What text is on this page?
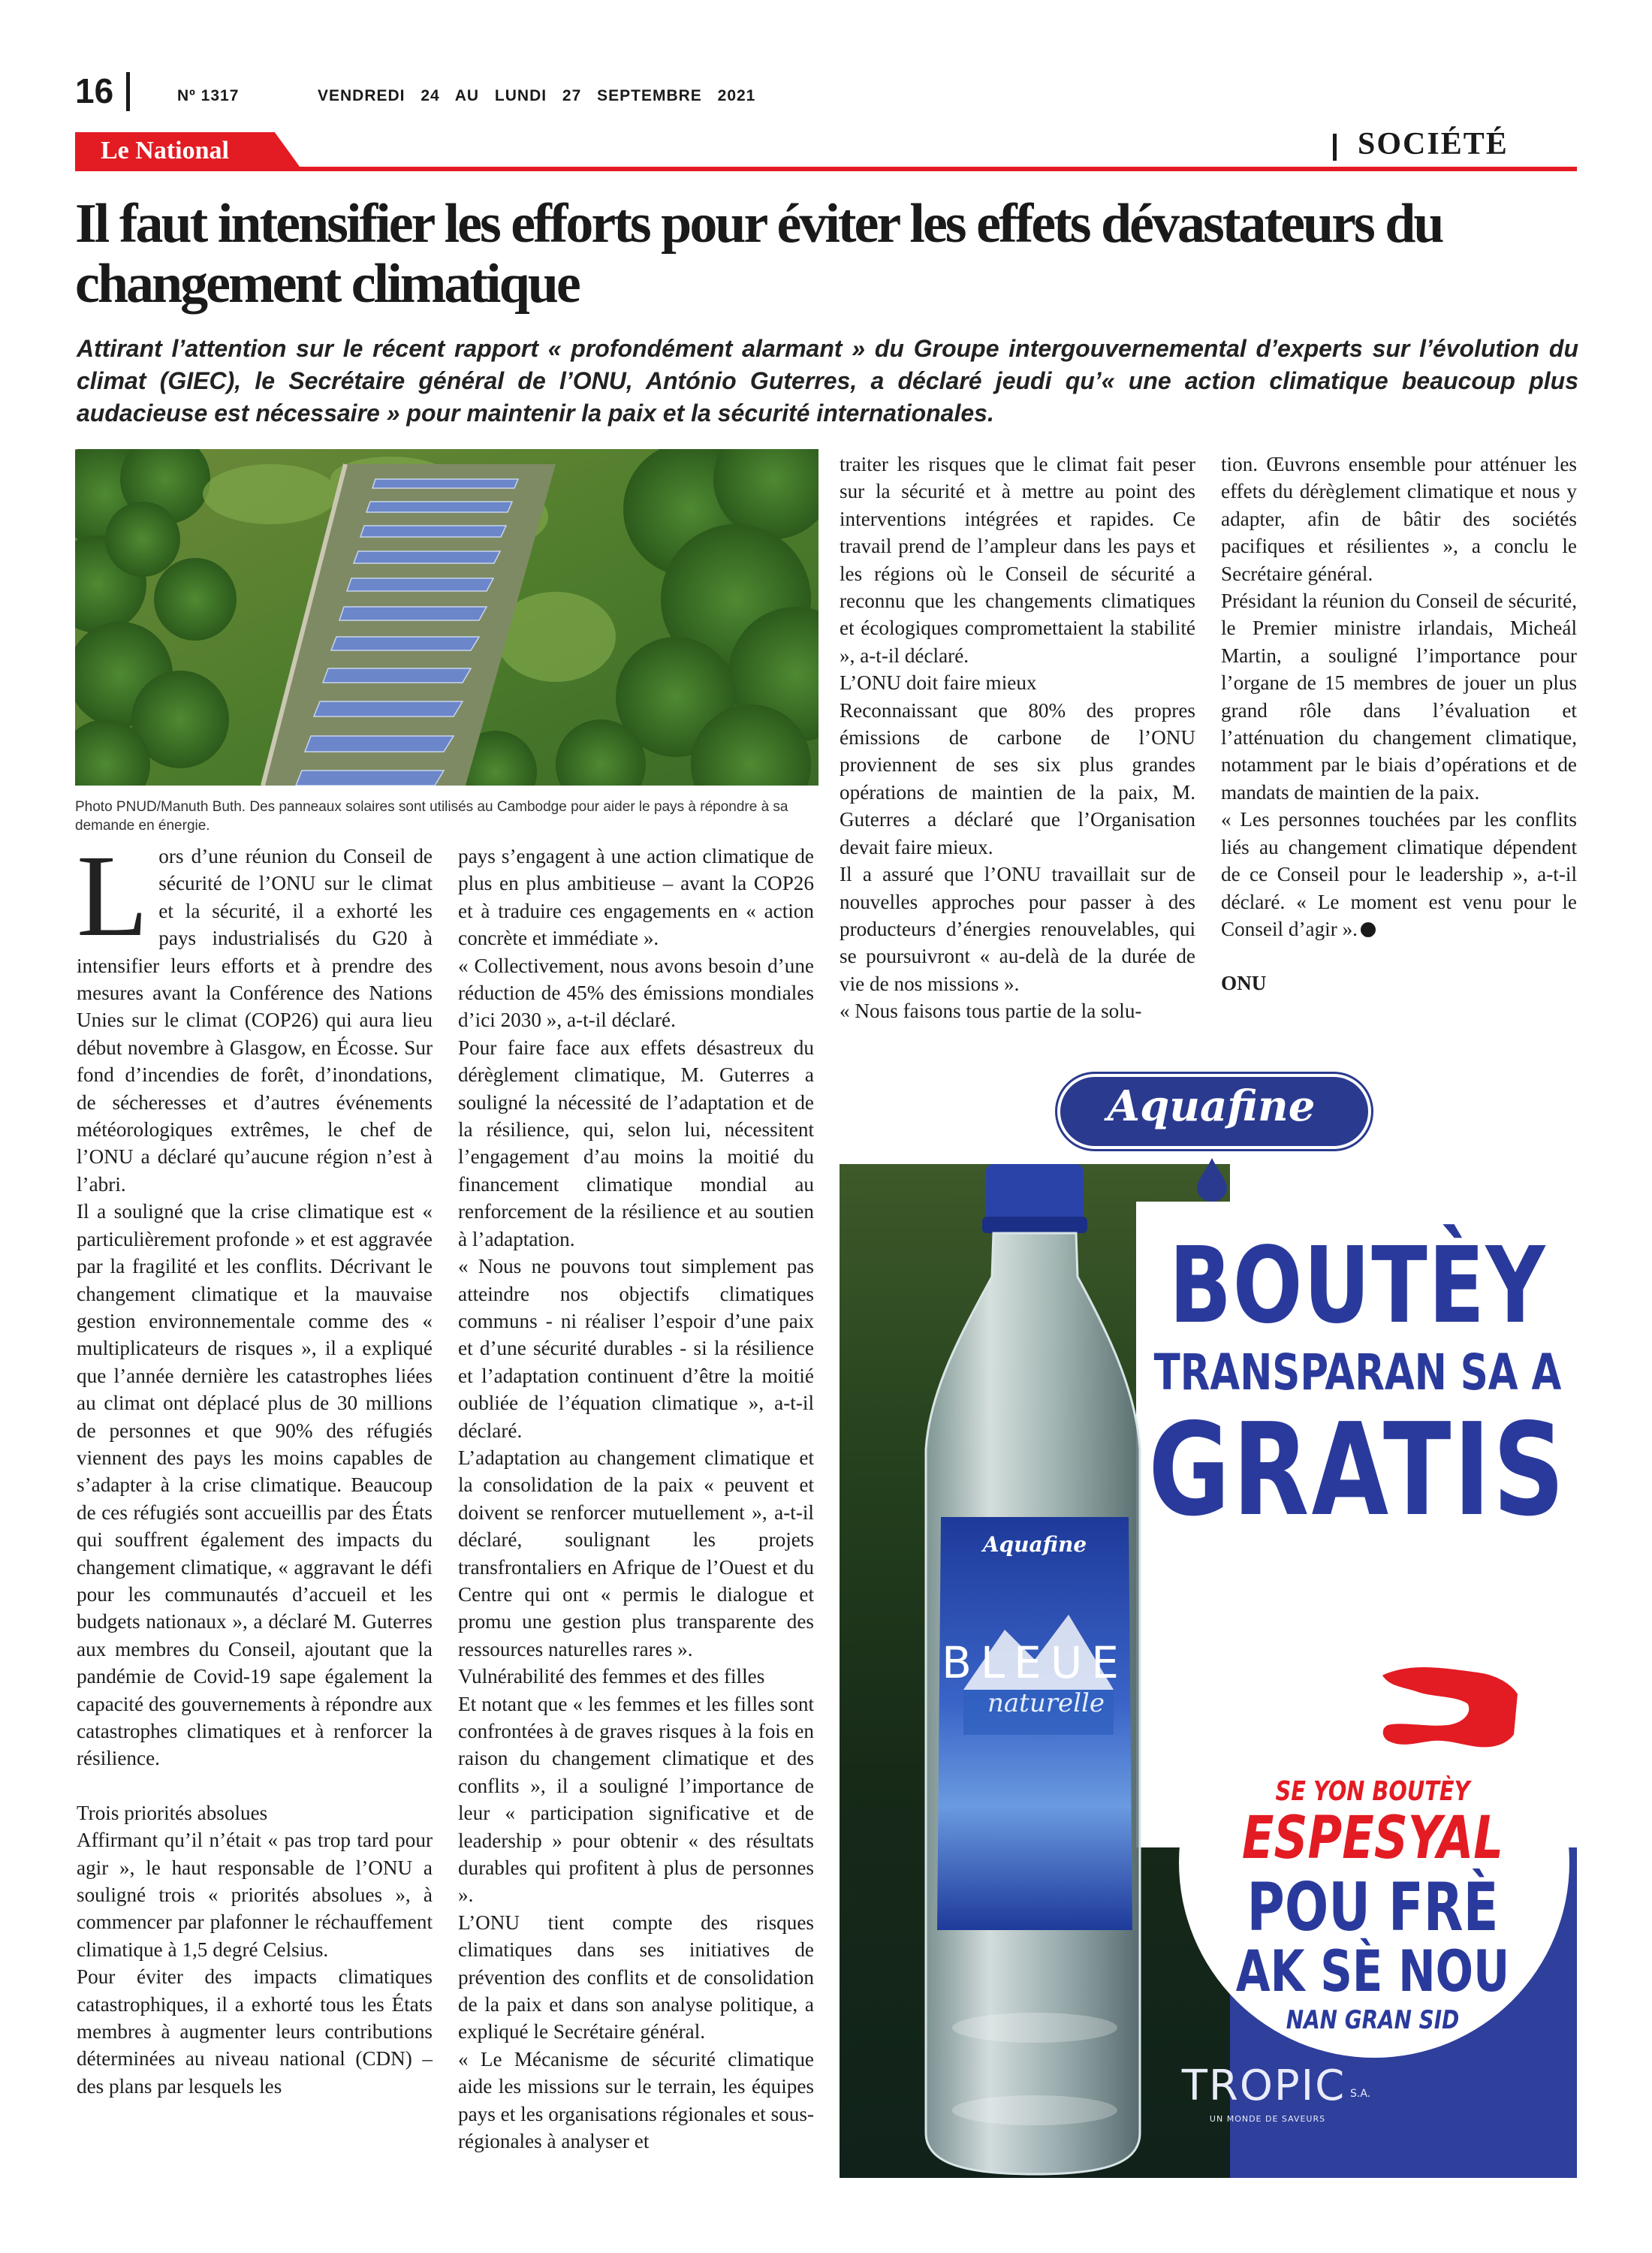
16	Nº 1317	VENDREDI 24 AU LUNDI 27 SEPTEMBRE 2021
Le National	SOCIÉTÉ
Il faut intensifier les efforts pour éviter les effets dévastateurs du changement climatique
Attirant l’attention sur le récent rapport « profondément alarmant » du Groupe intergouvernemental d’experts sur l’évolution du climat (GIEC), le Secrétaire général de l’ONU, António Guterres, a déclaré jeudi qu’« une action climatique beaucoup plus audacieuse est nécessaire » pour maintenir la paix et la sécurité internationales.
Photo PNUD/Manuth Buth. Des panneaux solaires sont utilisés au Cambodge pour aider le pays à répondre à sa demande en énergie.
L ors d’une réunion du Conseil de sécurité de l’ONU sur le climat et la sécurité, il a exhorté les pays industrialisés du G20 à intensifier leurs efforts et à prendre des mesures avant la Conférence des Nations Unies sur le climat (COP26) qui aura lieu début novembre à Glasgow, en Écosse. Sur fond d’incendies de forêt, d’inondations, de sécheresses et d’autres événements météorologiques extrêmes, le chef de l’ONU a déclaré qu’aucune région n’est à l’abri.

Il a souligné que la crise climatique est « particulièrement profonde » et est aggravée par la fragilité et les conflits. Décrivant le changement climatique et la mauvaise gestion environnementale comme des « multiplicateurs de risques », il a expliqué que l’année dernière les catastrophes liées au climat ont déplacé plus de 30 millions de personnes et que 90% des réfugiés viennent des pays les moins capables de s’adapter à la crise climatique. Beaucoup de ces réfugiés sont accueillis par des États qui souffrent également des impacts du changement climatique, « aggravant le défi pour les communautés d’accueil et les budgets nationaux », a déclaré M. Guterres aux membres du Conseil, ajoutant que la pandémie de Covid-19 sape également la capacité des gouvernements à répondre aux catastrophes climatiques et à renforcer la résilience.

Trois priorités absolues

Affirmant qu’il n’était « pas trop tard pour agir », le haut responsable de l’ONU a souligné trois « priorités absolues », à commencer par plafonner le réchauffement climatique à 1,5 degré Celsius.

Pour éviter des impacts climatiques catastrophiques, il a exhorté tous les États membres à augmenter leurs contributions déterminées au niveau national (CDN) – des plans par lesquels les

pays s’engagent à une action climatique de plus en plus ambitieuse – avant la COP26 et à traduire ces engagements en « action concrète et immédiate ».

« Collectivement, nous avons besoin d’une réduction de 45% des émissions mondiales d’ici 2030 », a-t-il déclaré.

Pour faire face aux effets désastreux du dérèglement climatique, M. Guterres a souligné la nécessité de l’adaptation et de la résilience, qui, selon lui, nécessitent l’engagement d’au moins la moitié du financement climatique mondial au renforcement de la résilience et au soutien à l’adaptation.

« Nous ne pouvons tout simplement pas atteindre nos objectifs climatiques communs - ni réaliser l’espoir d’une paix et d’une sécurité durables - si la résilience et l’adaptation continuent d’être la moitié oubliée de l’équation climatique », a-t-il déclaré.

L’adaptation au changement climatique et la consolidation de la paix « peuvent et doivent se renforcer mutuellement », a-t-il déclaré, soulignant les projets transfrontaliers en Afrique de l’Ouest et du Centre qui ont « permis le dialogue et promu une gestion plus transparente des ressources naturelles rares ».

Vulnérabilité des femmes et des filles

Et notant que « les femmes et les filles sont confrontées à de graves risques à la fois en raison du changement climatique et des conflits », il a souligné l’importance de leur « participation significative et de leadership » pour obtenir « des résultats durables qui profitent à plus de personnes ».

L’ONU tient compte des risques climatiques dans ses initiatives de prévention des conflits et de consolidation de la paix et dans son analyse politique, a expliqué le Secrétaire général.

« Le Mécanisme de sécurité climatique aide les missions sur le terrain, les équipes pays et les organisations régionales et sous-régionales à analyser et

traiter les risques que le climat fait peser sur la sécurité et à mettre au point des interventions intégrées et rapides. Ce travail prend de l’ampleur dans les pays et les régions où le Conseil de sécurité a reconnu que les changements climatiques et écologiques compromettaient la stabilité », a-t-il déclaré.

L’ONU doit faire mieux

Reconnaissant que 80% des propres émissions de carbone de l’ONU proviennent de ses six plus grandes opérations de maintien de la paix, M. Guterres a déclaré que l’Organisation devait faire mieux.

Il a assuré que l’ONU travaillait sur de nouvelles approches pour passer à des producteurs d’énergies renouvelables, qui se poursuivront « au-delà de la durée de vie de nos missions ».

« Nous faisons tous partie de la solu-

tion. Œuvrons ensemble pour atténuer les effets du dérèglement climatique et nous y adapter, afin de bâtir des sociétés pacifiques et résilientes », a conclu le Secrétaire général.

Présidant la réunion du Conseil de sécurité, le Premier ministre irlandais, Micheál Martin, a souligné l’importance pour l’organe de 15 membres de jouer un plus grand rôle dans l’évaluation et l’atténuation du changement climatique, notamment par le biais d’opérations et de mandats de maintien de la paix.

« Les personnes touchées par les conflits liés au changement climatique dépendent de ce Conseil pour le leadership », a-t-il déclaré. « Le moment est venu pour le Conseil d’agir ».

ONU

Aquafine
Aquafine
BLEUE
naturelle
BOUTÈY
TRANSPARAN SA A
GRATIS
SE YON BOUTÈY
ESPESYAL
POU FRÈ
AK SÈ NOU
NAN GRAN SID
TROPIC S.A.
UN MONDE DE SAVEURS
